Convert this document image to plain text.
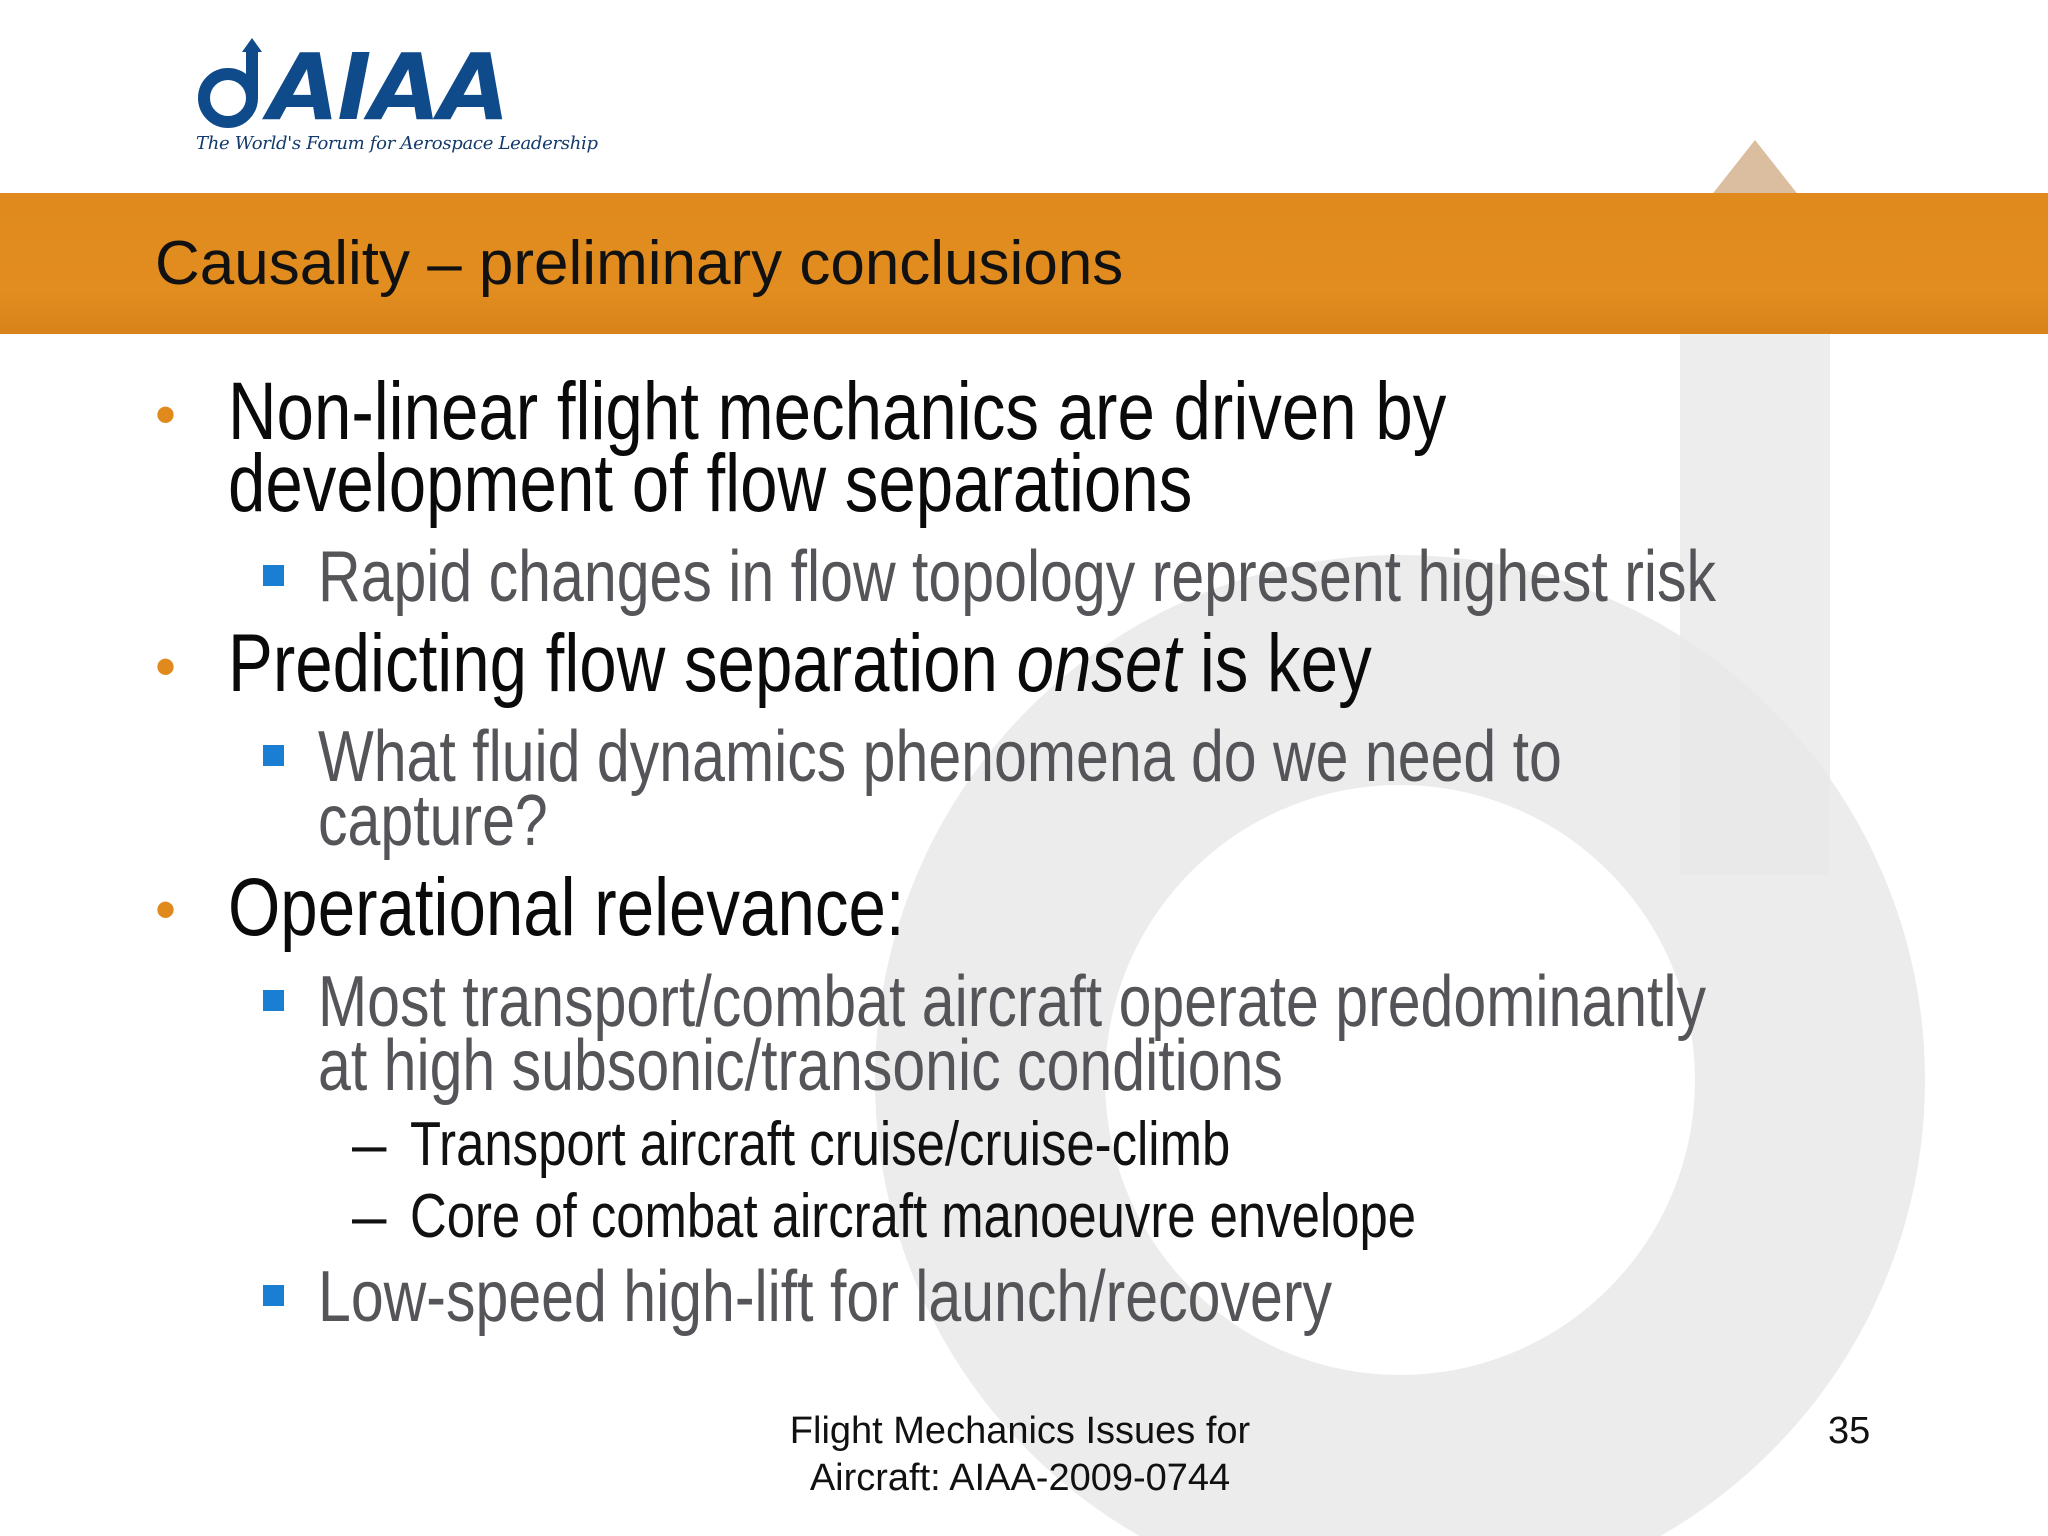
AIAA
The World's Forum for Aerospace Leadership
Causality – preliminary conclusions
• Non-linear flight mechanics are driven by
development of flow separations
Rapid changes in flow topology represent highest risk
• Predicting flow separation onset is key
What fluid dynamics phenomena do we need to
capture?
• Operational relevance:
Most transport/combat aircraft operate predominantly
at high subsonic/transonic conditions
– Transport aircraft cruise/cruise-climb
– Core of combat aircraft manoeuvre envelope
Low-speed high-lift for launch/recovery
Flight Mechanics Issues for
Aircraft: AIAA-2009-0744
35
